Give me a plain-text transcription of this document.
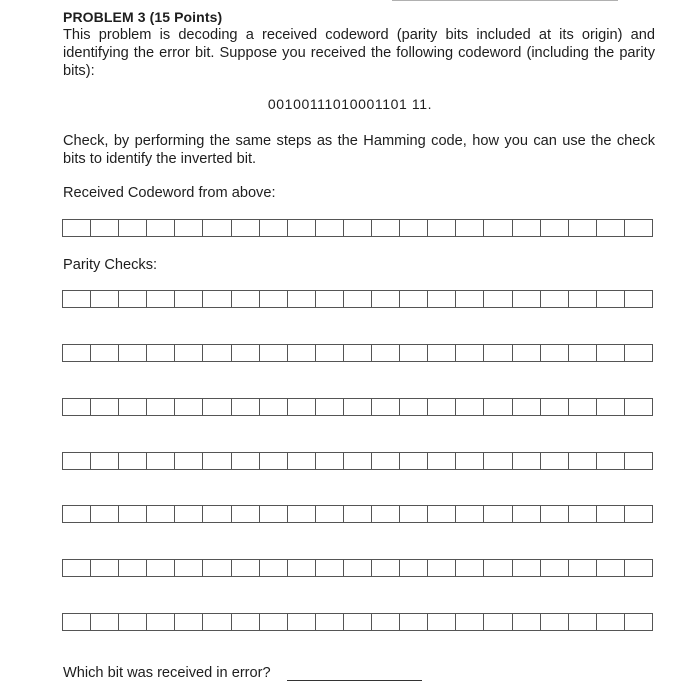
PROBLEM 3 (15 Points)
This problem is decoding a received codeword (parity bits included at its origin) and identifying the error bit. Suppose you received the following codeword (including the parity bits):
00100111010001101 11.
Check, by performing the same steps as the Hamming code, how you can use the check bits to identify the inverted bit.
Received Codeword from above:
Parity Checks:
Which bit was received in error?
